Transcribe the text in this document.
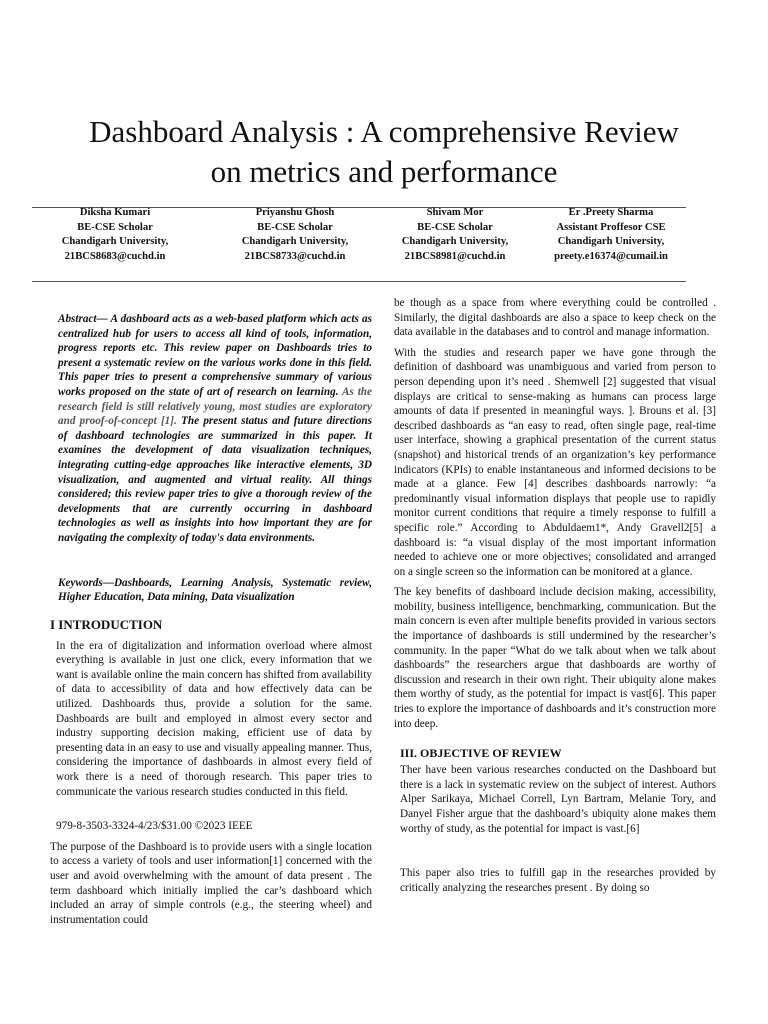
Dashboard Analysis : A comprehensive Review
on metrics and performance
Diksha Kumari
BE-CSE Scholar
Chandigarh University,
21BCS8683@cuchd.in
Priyanshu Ghosh
BE-CSE Scholar
Chandigarh University,
21BCS8733@cuchd.in
Shivam Mor
BE-CSE Scholar
Chandigarh University,
21BCS8981@cuchd.in
Er .Preety Sharma
Assistant Proffesor CSE
Chandigarh University,
preety.e16374@cumail.in

Abstract— A dashboard acts as a web-based platform which acts as centralized hub for users to access all kind of tools, information, progress reports etc. This review paper on Dashboards tries to present a systematic review on the various works done in this field. This paper tries to present a comprehensive summary of various works proposed on the state of art of research on learning. As the research field is still relatively young, most studies are exploratory and proof-of-concept [1]. The present status and future directions of dashboard technologies are summarized in this paper. It examines the development of data visualization techniques, integrating cutting-edge approaches like interactive elements, 3D visualization, and augmented and virtual reality. All things considered; this review paper tries to give a thorough review of the developments that are currently occurring in dashboard technologies as well as insights into how important they are for navigating the complexity of today's data environments.

Keywords—Dashboards, Learning Analysis, Systematic review, Higher Education, Data mining, Data visualization

I INTRODUCTION

In the era of digitalization and information overload where almost everything is available in just one click, every information that we want is available online the main concern has shifted from availability of data to accessibility of data and how effectively data can be utilized. Dashboards thus, provide a solution for the same. Dashboards are built and employed in almost every sector and industry supporting decision making, efficient use of data by presenting data in an easy to use and visually appealing manner. Thus, considering the importance of dashboards in almost every field of work there is a need of thorough research. This paper tries to communicate the various research studies conducted in this field.

979-8-3503-3324-4/23/$31.00 ©2023 IEEE

The purpose of the Dashboard is to provide users with a single location to access a variety of tools and user information[1] concerned with the user and avoid overwhelming with the amount of data present . The term dashboard which initially implied the car’s dashboard which included an array of simple controls (e.g., the steering wheel) and instrumentation could

be though as a space from where everything could be controlled . Similarly, the digital dashboards are also a space to keep check on the data available in the databases and to control and manage information.

With the studies and research paper we have gone through the definition of dashboard was unambiguous and varied from person to person depending upon it’s need . Shemwell [2] suggested that visual displays are critical to sense-making as humans can process large amounts of data if presented in meaningful ways. ]. Brouns et al. [3] described dashboards as “an easy to read, often single page, real-time user interface, showing a graphical presentation of the current status (snapshot) and historical trends of an organization’s key performance indicators (KPIs) to enable instantaneous and informed decisions to be made at a glance. Few [4] describes dashboards narrowly: “a predominantly visual information displays that people use to rapidly monitor current conditions that require a timely response to fulfill a specific role.” According to Abduldaem1*, Andy Gravell2[5] a dashboard is: “a visual display of the most important information needed to achieve one or more objectives; consolidated and arranged on a single screen so the information can be monitored at a glance.

The key benefits of dashboard include decision making, accessibility, mobility, business intelligence, benchmarking, communication. But the main concern is even after multiple benefits provided in various sectors the importance of dashboards is still undermined by the researcher’s community. In the paper “What do we talk about when we talk about dashboards” the researchers argue that dashboards are worthy of discussion and research in their own right. Their ubiquity alone makes them worthy of study, as the potential for impact is vast[6]. This paper tries to explore the importance of dashboards and it’s construction more into deep.

III. OBJECTIVE OF REVIEW

Ther have been various researches conducted on the Dashboard but there is a lack in systematic review on the subject of interest. Authors Alper Sarikaya, Michael Correll, Lyn Bartram, Melanie Tory, and Danyel Fisher argue that the dashboard’s ubiquity alone makes them worthy of study, as the potential for impact is vast.[6]

This paper also tries to fulfill gap in the researches provided by critically analyzing the researches present . By doing so
